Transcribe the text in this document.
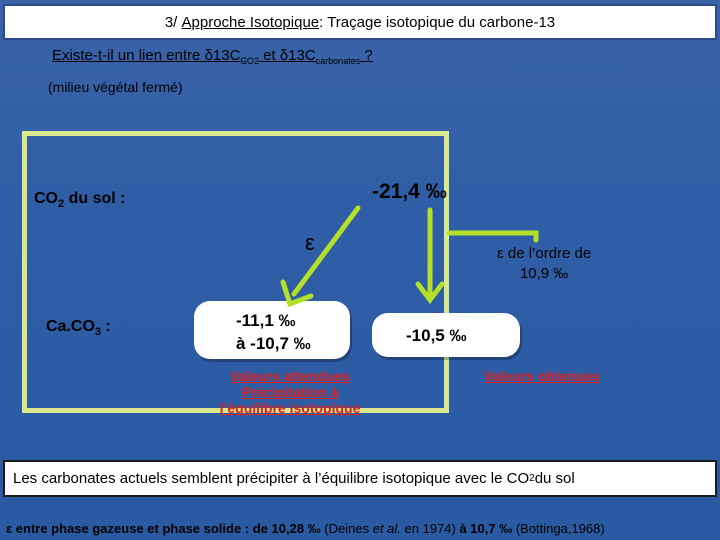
3/
Approche Isotopique : Traçage isotopique du carbone-13
Existe-t-il un lien entre $\delta 13C_{CO2}$ et $\delta 13C_{carbonates}$ ?
(milieu végétal fermé)
$CO_2$ du sol :	-21,4 ‰
ε	ε de l’ordre de
10,9 ‰
$Ca.CO_3$ :	-11,1 ‰
à -10,7 ‰	-10,5 ‰
Valeurs attendues
Précipitation à
l’équilibre isotopique
Valeurs obtenues
Les carbonates actuels semblent précipiter à l’équilibre isotopique avec le CO 2 du sol
ε entre phase gazeuse et phase solide : de 10,28 ‰ (Deines et al. en 1974) à 10,7 ‰ (Bottinga,1968)
